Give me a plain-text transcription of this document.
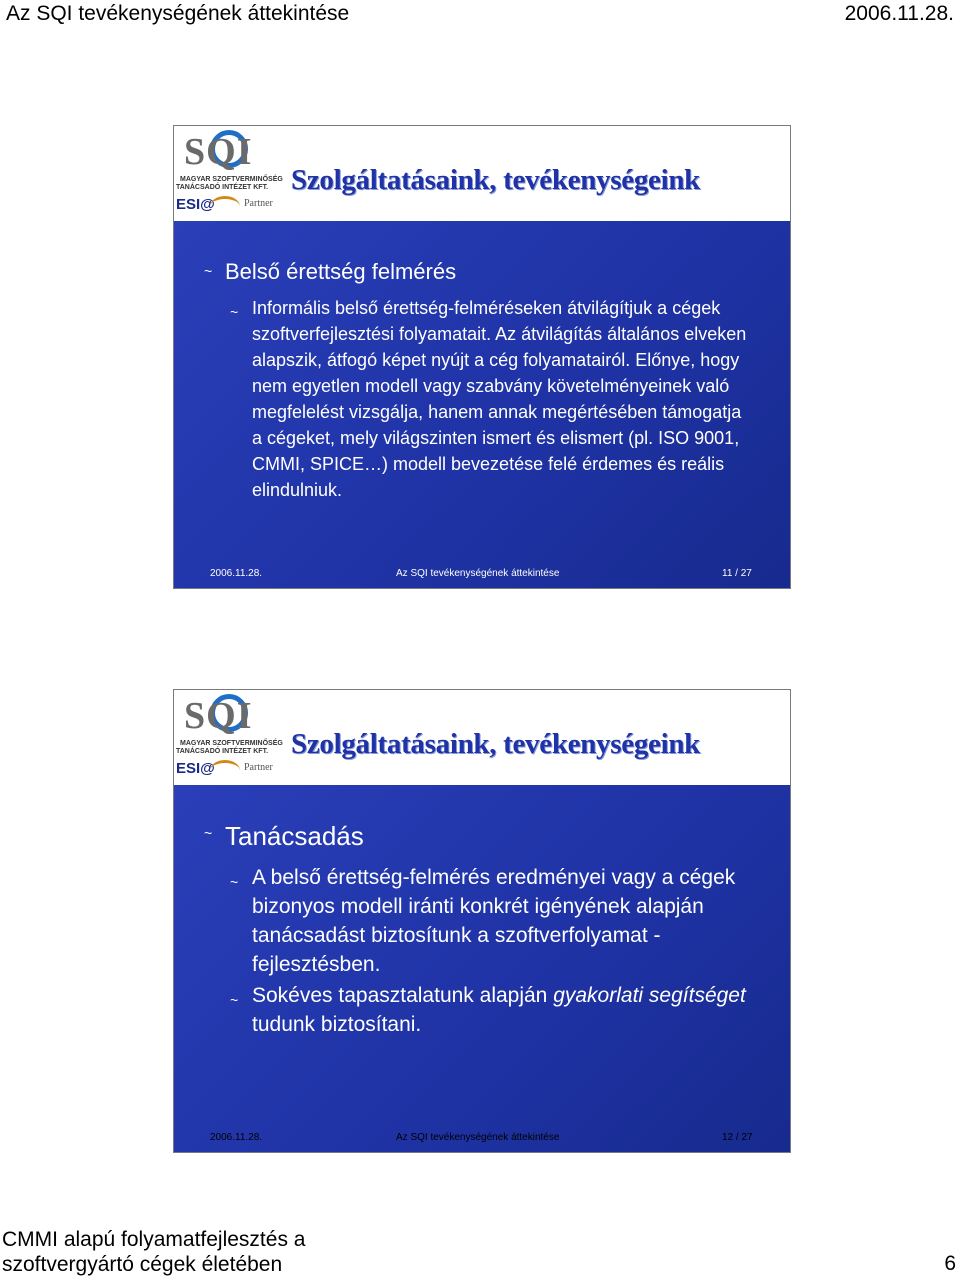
Az SQI tevékenységének áttekintése	2006.11.28.
SQI
MAGYAR SZOFTVERMINŐSÉG
TANÁCSADÓ INTÉZET KFT.
ESI@	Partner
Szolgáltatásaink, tevékenységeink
~ Belső érettség felmérés
~ Informális belső érettség-felméréseken átvilágítjuk a cégek szoftverfejlesztési folyamatait. Az átvilágítás általános elveken alapszik, átfogó képet nyújt a cég folyamatairól. Előnye, hogy nem egyetlen modell vagy szabvány követelményeinek való megfelelést vizsgálja, hanem annak megértésében támogatja a cégeket, mely világszinten ismert és elismert (pl. ISO 9001, CMMI, SPICE…) modell bevezetése felé érdemes és reális elindulniuk.
2006.11.28.	Az SQI tevékenységének áttekintése	11 / 27
SQI
MAGYAR SZOFTVERMINŐSÉG
TANÁCSADÓ INTÉZET KFT.
ESI@	Partner
Szolgáltatásaink, tevékenységeink
~ Tanácsadás
~ A belső érettség-felmérés eredményei vagy a cégek bizonyos modell iránti konkrét igényének alapján tanácsadást biztosítunk a szoftverfolyamat - fejlesztésben.
~ Sokéves tapasztalatunk alapján gyakorlati segítséget tudunk biztosítani.
2006.11.28.	Az SQI tevékenységének áttekintése	12 / 27
CMMI alapú folyamatfejlesztés a
szoftvergyártó cégek életében	6
